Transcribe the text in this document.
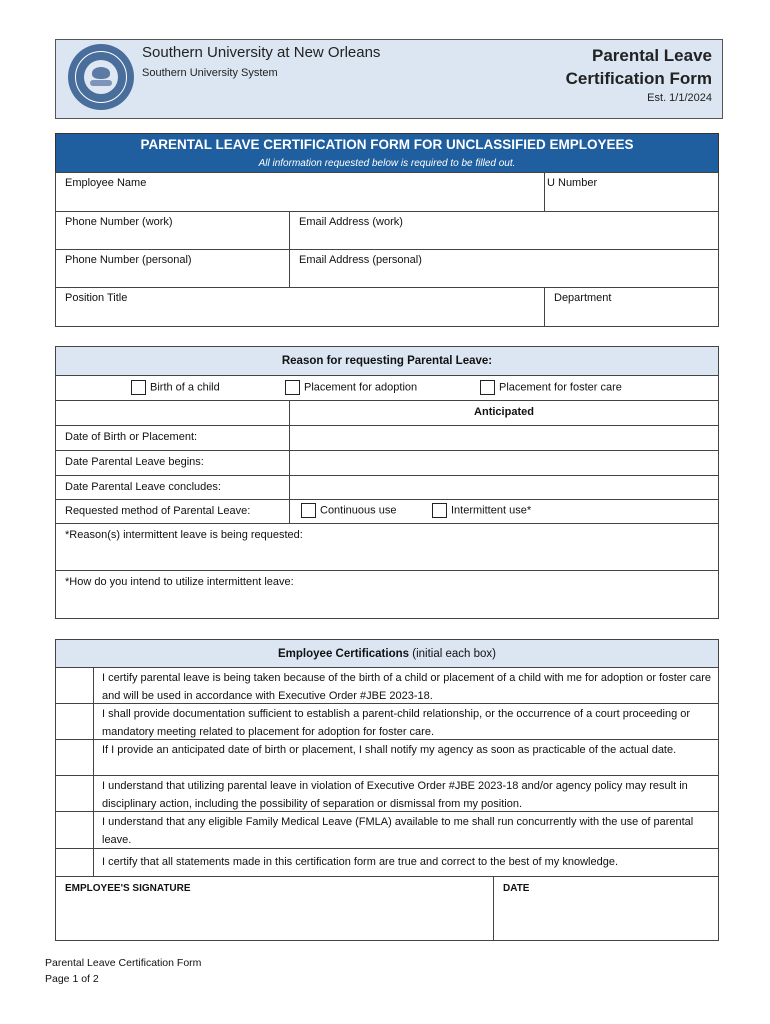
Southern University at New Orleans
Southern University System
Parental Leave
Certification Form
Est. 1/1/2024
PARENTAL LEAVE CERTIFICATION FORM FOR UNCLASSIFIED EMPLOYEES
All information requested below is required to be filled out.
Employee Name	U Number
Phone Number (work)	Email Address (work)
Phone Number (personal)	Email Address (personal)
Position Title	Department
Reason for requesting Parental Leave:
Birth of a child	Placement for adoption	Placement for foster care
Anticipated
Date of Birth or Placement:
Date Parental Leave begins:
Date Parental Leave concludes:
Requested method of Parental Leave:	Continuous use	Intermittent use*
*Reason(s) intermittent leave is being requested:
*How do you intend to utilize intermittent leave:
Employee Certifications (initial each box)
I certify parental leave is being taken because of the birth of a child or placement of a child with me for adoption or foster care and will be used in accordance with Executive Order #JBE 2023-18.
I shall provide documentation sufficient to establish a parent-child relationship, or the occurrence of a court proceeding or mandatory meeting related to placement for adoption for foster care.
If I provide an anticipated date of birth or placement, I shall notify my agency as soon as practicable of the actual date.
I understand that utilizing parental leave in violation of Executive Order #JBE 2023-18 and/or agency policy may result in disciplinary action, including the possibility of separation or dismissal from my position.
I understand that any eligible Family Medical Leave (FMLA) available to me shall run concurrently with the use of parental leave.
I certify that all statements made in this certification form are true and correct to the best of my knowledge.
EMPLOYEE'S SIGNATURE	DATE
Parental Leave Certification Form
Page 1 of 2
